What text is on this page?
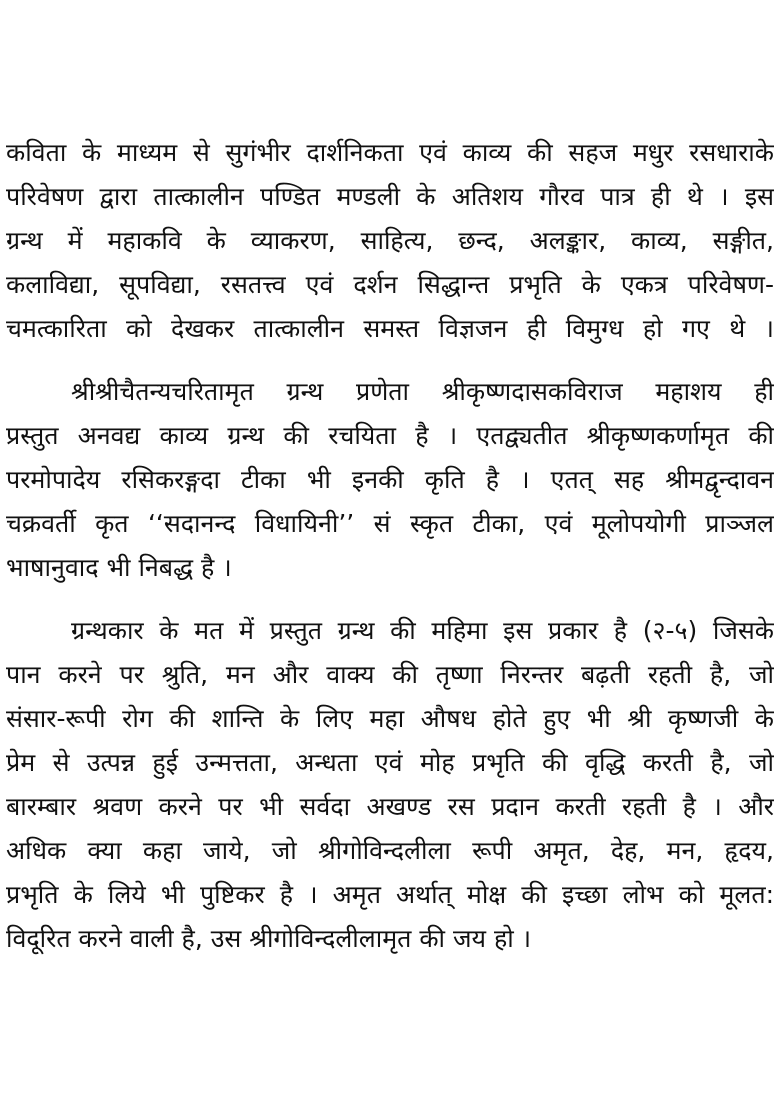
कविता के माध्यम से सुगंभीर दार्शनिकता एवं काव्य की सहज मधुर रसधाराके
परिवेषण द्वारा तात्कालीन पण्डित मण्डली के अतिशय गौरव पात्र ही थे । इस
ग्रन्थ में महाकवि के व्याकरण, साहित्य, छन्द, अलङ्कार, काव्य, सङ्गीत,
कलाविद्या, सूपविद्या, रसतत्त्व एवं दर्शन सिद्धान्त प्रभृति के एकत्र परिवेषण-
चमत्कारिता को देखकर तात्कालीन समस्त विज्ञजन ही विमुग्ध हो गए थे ।
श्रीश्रीचैतन्यचरितामृत ग्रन्थ प्रणेता श्रीकृष्णदासकविराज महाशय ही
प्रस्तुत अनवद्य काव्य ग्रन्थ की रचयिता है । एतद्व्यतीत श्रीकृष्णकर्णामृत की
परमोपादेय रसिकरङ्गदा टीका भी इनकी कृति है । एतत् सह श्रीमद्वृन्दावन
चक्रवर्ती कृत ‘‘सदानन्द विधायिनी’’ सं स्कृत टीका, एवं मूलोपयोगी प्राञ्जल
भाषानुवाद भी निबद्ध है ।
ग्रन्थकार के मत में प्रस्तुत ग्रन्थ की महिमा इस प्रकार है (२-५) जिसके
पान करने पर श्रुति, मन और वाक्य की तृष्णा निरन्तर बढ़ती रहती है, जो
संसार-रूपी रोग की शान्ति के लिए महा औषध होते हुए भी श्री कृष्णजी के
प्रेम से उत्पन्न हुई उन्मत्तता, अन्धता एवं मोह प्रभृति की वृद्धि करती है, जो
बारम्बार श्रवण करने पर भी सर्वदा अखण्ड रस प्रदान करती रहती है । और
अधिक क्या कहा जाये, जो श्रीगोविन्दलीला रूपी अमृत, देह, मन, हृदय,
प्रभृति के लिये भी पुष्टिकर है । अमृत अर्थात् मोक्ष की इच्छा लोभ को मूलत:
विदूरित करने वाली है, उस श्रीगोविन्दलीलामृत की जय हो ।
